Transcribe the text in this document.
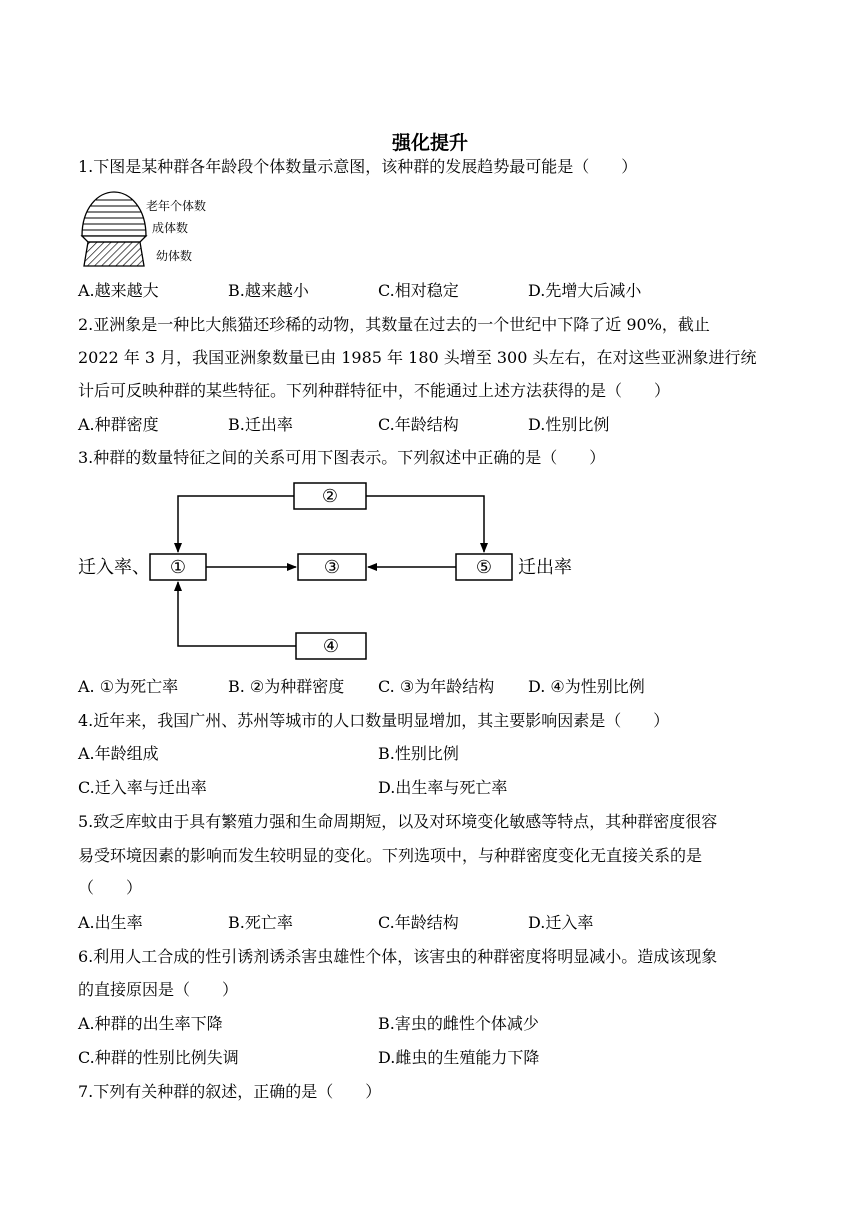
强化提升
1.下图是某种群各年龄段个体数量示意图，该种群的发展趋势最可能是（　　）
老年个体数
成体数
幼体数
A.越来越大	B.越来越小	C.相对稳定	D.先增大后减小
2.亚洲象是一种比大熊猫还珍稀的动物，其数量在过去的一个世纪中下降了近 90%，截止
2022 年 3 月，我国亚洲象数量已由 1985 年 180 头增至 300 头左右，在对这些亚洲象进行统
计后可反映种群的某些特征。下列种群特征中，不能通过上述方法获得的是（　　）
A.种群密度	B.迁出率	C.年龄结构	D.性别比例
3.种群的数量特征之间的关系可用下图表示。下列叙述中正确的是（　　）
②
①	③	⑤
④
迁入率、	迁出率
A. ①为死亡率	B. ②为种群密度 C. ③为年龄结构 D. ④为性别比例
4.近年来，我国广州、苏州等城市的人口数量明显增加，其主要影响因素是（　　）
A.年龄组成	B.性别比例
C.迁入率与迁出率	D.出生率与死亡率
5.致乏库蚊由于具有繁殖力强和生命周期短，以及对环境变化敏感等特点，其种群密度很容
易受环境因素的影响而发生较明显的变化。下列选项中，与种群密度变化无直接关系的是
（　　）
A.出生率	B.死亡率	C.年龄结构	D.迁入率
6.利用人工合成的性引诱剂诱杀害虫雄性个体，该害虫的种群密度将明显减小。造成该现象
的直接原因是（　　）
A.种群的出生率下降	B.害虫的雌性个体减少
C.种群的性别比例失调	D.雌虫的生殖能力下降
7.下列有关种群的叙述，正确的是（　　）
